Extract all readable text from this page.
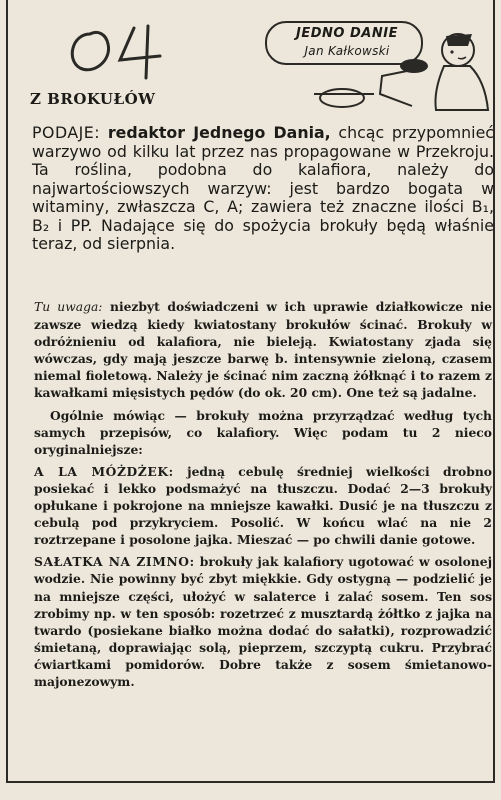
JEDNO DANIE
Jan Kałkowski
Z BROKUŁÓW

PODAJE: redaktor Jednego Dania, chcąc przypomnieć warzywo od kilku lat przez nas propagowane w Przekroju. Ta roślina, podobna do kalafiora, należy do najwartościowszych warzyw: jest bardzo bogata w witaminy, zwłaszcza C, A; zawiera też znaczne ilości B₁, B₂ i PP. Nadające się do spożycia brokuły będą właśnie teraz, od sierpnia.

Tu uwaga: niezbyt doświadczeni w ich uprawie działkowicze nie zawsze wiedzą kiedy kwiatostany brokułów ścinać. Brokuły w odróżnieniu od kalafiora, nie bieleją. Kwiatostany zjada się wówczas, gdy mają jeszcze barwę b. intensywnie zieloną, czasem niemal fioletową. Należy je ścinać nim zaczną żółknąć i to razem z kawałkami mięsistych pędów (do ok. 20 cm). One też są jadalne.

Ogólnie mówiąc — brokuły można przyrządzać według tych samych przepisów, co kalafiory. Więc podam tu 2 nieco oryginalniejsze:

A LA MÓŻDŻEK: jedną cebulę średniej wielkości drobno posiekać i lekko podsmażyć na tłuszczu. Dodać 2—3 brokuły opłukane i pokrojone na mniejsze kawałki. Dusić je na tłuszczu z cebulą pod przykryciem. Posolić. W końcu wlać na nie 2 roztrzepane i posolone jajka. Mieszać — po chwili danie gotowe.

SAŁATKA NA ZIMNO: brokuły jak kalafiory ugotować w osolonej wodzie. Nie powinny być zbyt miękkie. Gdy ostygną — podzielić je na mniejsze części, ułożyć w salaterce i zalać sosem. Ten sos zrobimy np. w ten sposób: rozetrzeć z musztardą żółtko z jajka na twardo (posiekane białko można dodać do sałatki), rozprowadzić śmietaną, doprawiając solą, pieprzem, szczyptą cukru. Przybrać ćwiartkami pomidorów. Dobre także z sosem śmietanowo-majonezowym.
